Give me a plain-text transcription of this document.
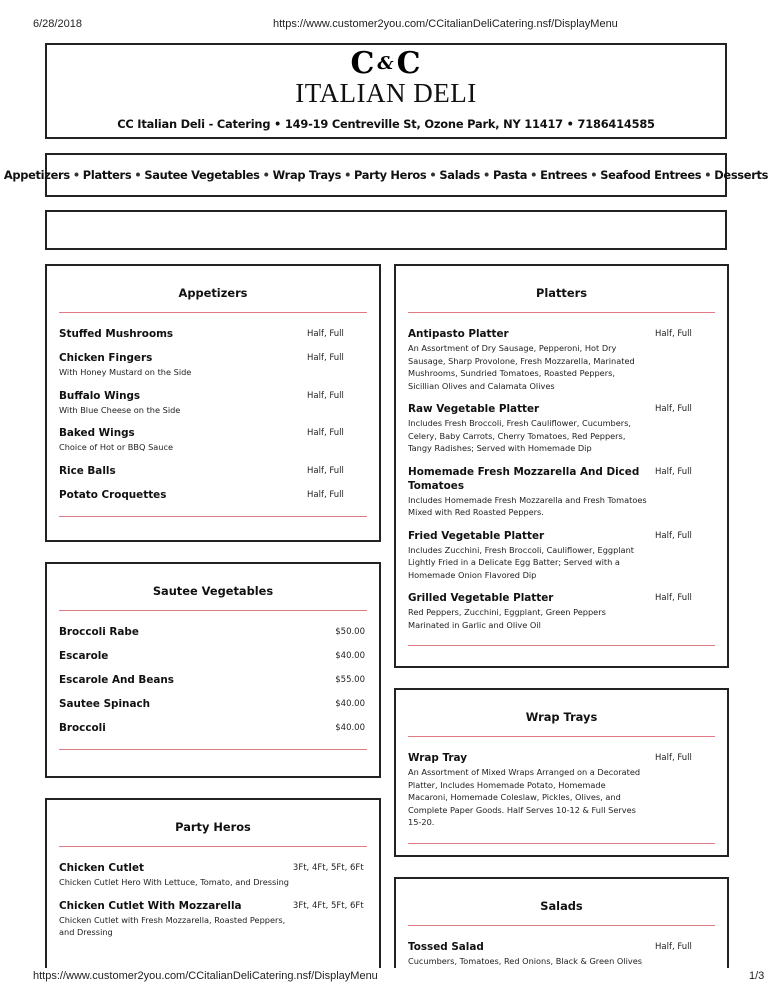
6/28/2018	https://www.customer2you.com/CCitalianDeliCatering.nsf/DisplayMenu
C &C
ITALIAN DELI
CC Italian Deli - Catering • 149-19 Centreville St, Ozone Park, NY 11417 • 7186414585
Appetizers • Platters • Sautee Vegetables • Wrap Trays • Party Heros • Salads • Pasta • Entrees • Seafood Entrees • Desserts
Appetizers
Stuffed Mushrooms	Half, Full
Chicken Fingers
With Honey Mustard on the Side
Half, Full
Buffalo Wings
With Blue Cheese on the Side
Half, Full
Baked Wings
Choice of Hot or BBQ Sauce
Half, Full
Rice Balls	Half, Full
Potato Croquettes	Half, Full
Platters
Antipasto Platter
An Assortment of Dry Sausage, Pepperoni, Hot Dry Sausage, Sharp Provolone, Fresh Mozzarella, Marinated Mushrooms, Sundried Tomatoes, Roasted Peppers, Sicillian Olives and Calamata Olives
Half, Full
Raw Vegetable Platter
Includes Fresh Broccoli, Fresh Cauliflower, Cucumbers, Celery, Baby Carrots, Cherry Tomatoes, Red Peppers, Tangy Radishes; Served with Homemade Dip
Half, Full
Homemade Fresh Mozzarella And Diced Tomatoes
Includes Homemade Fresh Mozzarella and Fresh Tomatoes Mixed with Red Roasted Peppers.
Half, Full
Fried Vegetable Platter
Includes Zucchini, Fresh Broccoli, Cauliflower, Eggplant Lightly Fried in a Delicate Egg Batter; Served with a Homemade Onion Flavored Dip
Half, Full
Grilled Vegetable Platter
Red Peppers, Zucchini, Eggplant, Green Peppers Marinated in Garlic and Olive Oil
Half, Full
Sautee Vegetables
Broccoli Rabe	$50.00
Escarole	$40.00
Escarole And Beans	$55.00
Sautee Spinach	$40.00
Broccoli	$40.00
Wrap Trays
Wrap Tray
An Assortment of Mixed Wraps Arranged on a Decorated Platter, Includes Homemade Potato, Homemade Macaroni, Homemade Coleslaw, Pickles, Olives, and Complete Paper Goods. Half Serves 10-12 & Full Serves 15-20.
Half, Full
Party Heros
Chicken Cutlet
Chicken Cutlet Hero With Lettuce, Tomato, and Dressing
3Ft, 4Ft, 5Ft, 6Ft
Chicken Cutlet With Mozzarella
Chicken Cutlet with Fresh Mozzarella, Roasted Peppers, and Dressing
3Ft, 4Ft, 5Ft, 6Ft	Salads
Tossed Salad
Cucumbers, Tomatoes, Red Onions, Black & Green Olives
Half, Full
https://www.customer2you.com/CCitalianDeliCatering.nsf/DisplayMenu	1/3
